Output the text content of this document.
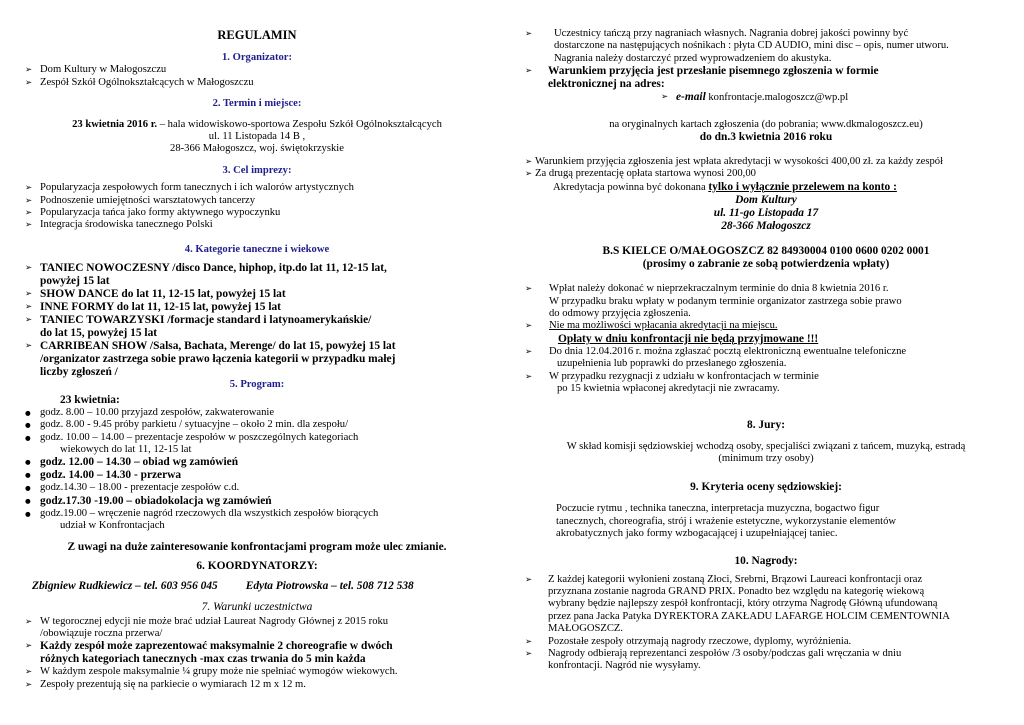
REGULAMIN
1. Organizator:
➢ Dom Kultury w Małogoszczu
➢ Zespół Szkół Ogólnokształcących w Małogoszczu
2. Termin i miejsce:
23 kwietnia 2016 r. – hala widowiskowo-sportowa Zespołu Szkół Ogólnokształcących
ul. 11 Listopada 14 B ,
28-366 Małogoszcz, woj. świętokrzyskie
3. Cel imprezy:
➢ Popularyzacja zespołowych form tanecznych i ich walorów artystycznych
➢ Podnoszenie umiejętności warsztatowych tancerzy
➢ Popularyzacja tańca jako formy aktywnego wypoczynku
➢ Integracja środowiska tanecznego Polski
4. Kategorie taneczne i wiekowe
➢ TANIEC NOWOCZESNY /disco Dance, hiphop, itp.do lat 11, 12-15 lat,
powyżej 15 lat
➢ SHOW DANCE do lat 11, 12-15 lat, powyżej 15 lat
➢ INNE FORMY do lat 11, 12-15 lat, powyżej 15 lat
➢ TANIEC TOWARZYSKI /formacje standard i latynoamerykańskie/
do lat 15, powyżej 15 lat
➢ CARRIBEAN SHOW /Salsa, Bachata, Merenge/ do lat 15, powyżej 15 lat
/organizator zastrzega sobie prawo łączenia kategorii w przypadku małej
liczby zgłoszeń /
5. Program:
23 kwietnia:
● godz. 8.00 – 10.00 przyjazd zespołów, zakwaterowanie
● godz. 8.00 - 9.45 próby parkietu / sytuacyjne – około 2 min. dla zespołu/
● godz. 10.00 – 14.00 – prezentacje zespołów w poszczególnych kategoriach
wiekowych do lat 11, 12-15 lat
● godz. 12.00 – 14.30 – obiad wg zamówień
● godz. 14.00 – 14.30 - przerwa
● godz.14.30 – 18.00 - prezentacje zespołów c.d.
● godz.17.30 -19.00 – obiadokolacja wg zamówień
● godz.19.00 – wręczenie nagród rzeczowych dla wszystkich zespołów biorących
udział w Konfrontacjach
Z uwagi na duże zainteresowanie konfrontacjami program może ulec zmianie.
6. KOORDYNATORZY:
Zbigniew Rudkiewicz – tel. 603 956 045 Edyta Piotrowska – tel. 508 712 538
7. Warunki uczestnictwa
➢ W tegorocznej edycji nie może brać udział Laureat Nagrody Głównej z 2015 roku
/obowiązuje rocznа przerwa/
➢ Każdy zespół może zaprezentować maksymalnie 2 choreografie w dwóch
różnych kategoriach tanecznych -max czas trwania do 5 min każda
➢ W każdym zespole maksymalnie ¼ grupy może nie spełniać wymogów wiekowych.
➢ Zespoły prezentują się na parkiecie o wymiarach 12 m x 12 m.
➢ Uczestnicy tańczą przy nagraniach własnych. Nagrania dobrej jakości powinny być
dostarczone na następujących nośnikach : płyta CD AUDIO, mini disc – opis, numer utworu.
Nagrania należy dostarczyć przed wyprowadzeniem do akustyka.
➢ Warunkiem przyjęcia jest przesłanie pisemnego zgłoszenia w formie
elektronicznej na adres:
➢ e-mail konfrontacje.malogoszcz@wp.pl
na oryginalnych kartach zgłoszenia (do pobrania; www.dkmalogoszcz.eu)
do dn.3 kwietnia 2016 roku
➢ Warunkiem przyjęcia zgłoszenia jest wpłata akredytacji w wysokości 400,00 zł. za każdy zespół
➢ Za drugą prezentację opłata startowa wynosi 200,00
Akredytacja powinna być dokonana tylko i wyłącznie przelewem na konto :
Dom Kultury
ul. 11-go Listopada 17
28-366 Małogoszcz
B.S KIELCE O/MAŁOGOSZCZ 82 84930004 0100 0600 0202 0001
(prosimy o zabranie ze sobą potwierdzenia wpłaty)
➢ Wpłat należy dokonać w nieprzekraczalnym terminie do dnia 8 kwietnia 2016 r.
W przypadku braku wpłaty w podanym terminie organizator zastrzega sobie prawo
do odmowy przyjęcia zgłoszenia.
➢ Nie ma możliwości wpłacania akredytacji na miejscu.
Opłaty w dniu konfrontacji nie będą przyjmowane !!!
➢ Do dnia 12.04.2016 r. można zgłaszać pocztą elektroniczną ewentualne telefoniczne
uzupełnienia lub poprawki do przesłanego zgłoszenia.
➢ W przypadku rezygnacji z udziału w konfrontacjach w terminie
po 15 kwietnia wpłaconej akredytacji nie zwracamy.
8. Jury:
W skład komisji sędziowskiej wchodzą osoby, specjaliści związani z tańcem, muzyką, estradą
(minimum trzy osoby)
9. Kryteria oceny sędziowskiej:
Poczucie rytmu , technika taneczna, interpretacja muzyczna, bogactwo figur
tanecznych, choreografia, strój i wrażenie estetyczne, wykorzystanie elementów
akrobatycznych jako formy wzbogacającej i uzupełniającej taniec.
10. Nagrody:
➢ Z każdej kategorii wyłonieni zostaną Złoci, Srebrni, Brązowi Laureaci konfrontacji oraz
przyznana zostanie nagroda GRAND PRIX. Ponadto bez względu na kategorię wiekową
wybrany będzie najlepszy zespół konfrontacji, który otrzyma Nagrodę Główną ufundowaną
przez pana Jacka Patyka DYREKTORA ZAKŁADU LAFARGE HOLCIM CEMENTOWNIA
MAŁOGOSZCZ.
➢ Pozostałe zespoły otrzymają nagrody rzeczowe, dyplomy, wyróżnienia.
➢ Nagrody odbierają reprezentanci zespołów /3 osoby/podczas gali wręczania w dniu
konfrontacji. Nagród nie wysyłamy.
